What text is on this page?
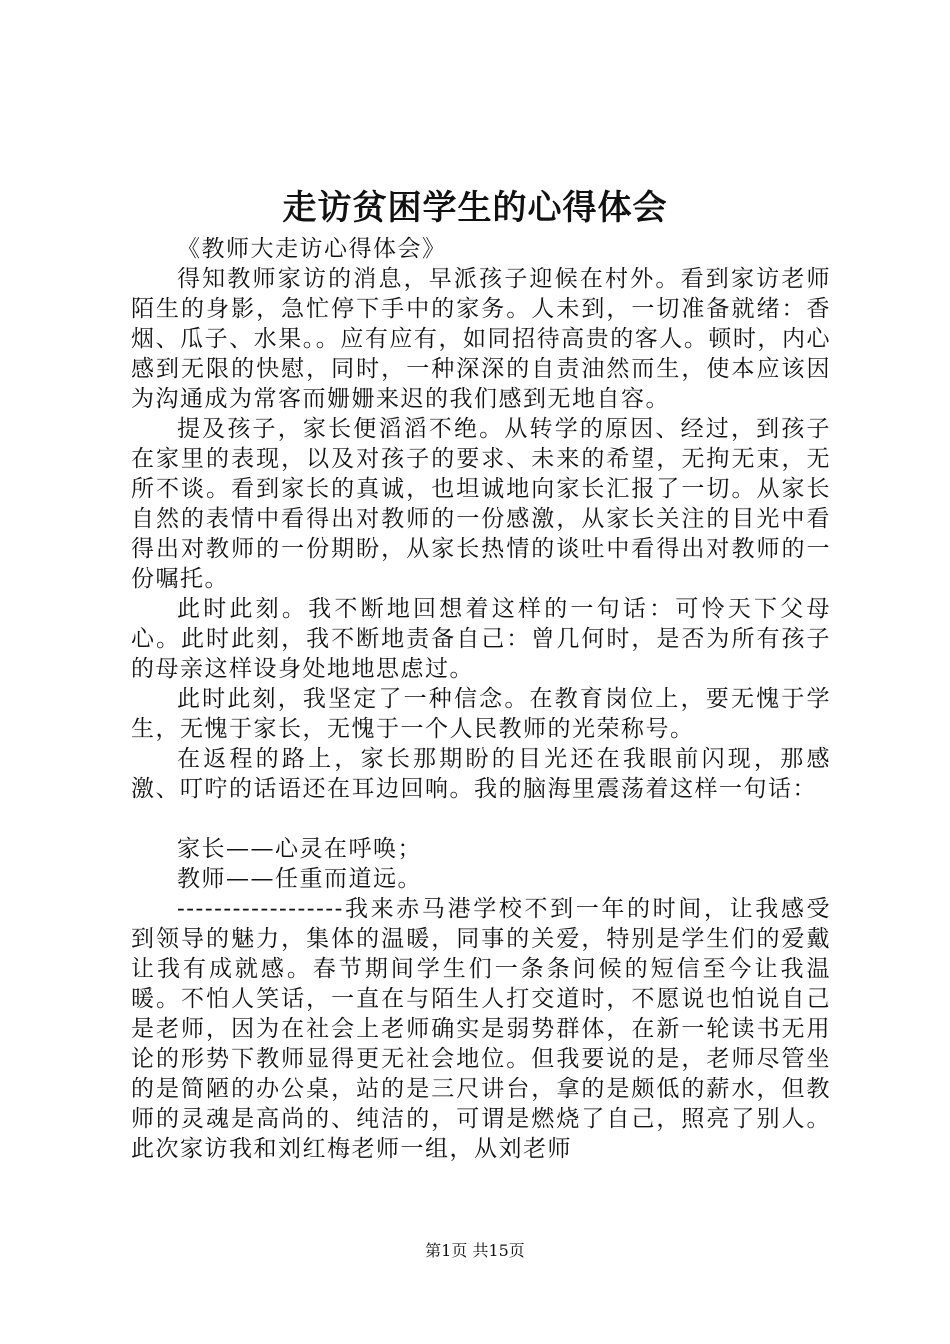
走访贫困学生的心得体会

《教师大走访心得体会》

得知教师家访的消息，早派孩子迎候在村外。看到家访老师陌生的身影，急忙停下手中的家务。人未到，一切准备就绪：香烟、瓜子、水果。。应有应有，如同招待高贵的客人。顿时，内心感到无限的快慰，同时，一种深深的自责油然而生，使本应该因为沟通成为常客而姗姗来迟的我们感到无地自容。

提及孩子，家长便滔滔不绝。从转学的原因、经过，到孩子在家里的表现，以及对孩子的要求、未来的希望，无拘无束，无所不谈。看到家长的真诚，也坦诚地向家长汇报了一切。从家长自然的表情中看得出对教师的一份感激，从家长关注的目光中看得出对教师的一份期盼，从家长热情的谈吐中看得出对教师的一份嘱托。

此时此刻。我不断地回想着这样的一句话：可怜天下父母心。此时此刻，我不断地责备自己：曾几何时，是否为所有孩子的母亲这样设身处地地思虑过。

此时此刻，我坚定了一种信念。在教育岗位上，要无愧于学生，无愧于家长，无愧于一个人民教师的光荣称号。

在返程的路上，家长那期盼的目光还在我眼前闪现，那感激、叮咛的话语还在耳边回响。我的脑海里震荡着这样一句话：

家长——心灵在呼唤；

教师——任重而道远。

------------------我来赤马港学校不到一年的时间，让我感受到领导的魅力，集体的温暖，同事的关爱，特别是学生们的爱戴让我有成就感。春节期间学生们一条条问候的短信至今让我温暖。不怕人笑话，一直在与陌生人打交道时，不愿说也怕说自己是老师，因为在社会上老师确实是弱势群体，在新一轮读书无用论的形势下教师显得更无社会地位。但我要说的是，老师尽管坐的是简陋的办公桌，站的是三尺讲台，拿的是颇低的薪水，但教师的灵魂是高尚的、纯洁的，可谓是燃烧了自己，照亮了别人。此次家访我和刘红梅老师一组，从刘老师

第1页 共15页
